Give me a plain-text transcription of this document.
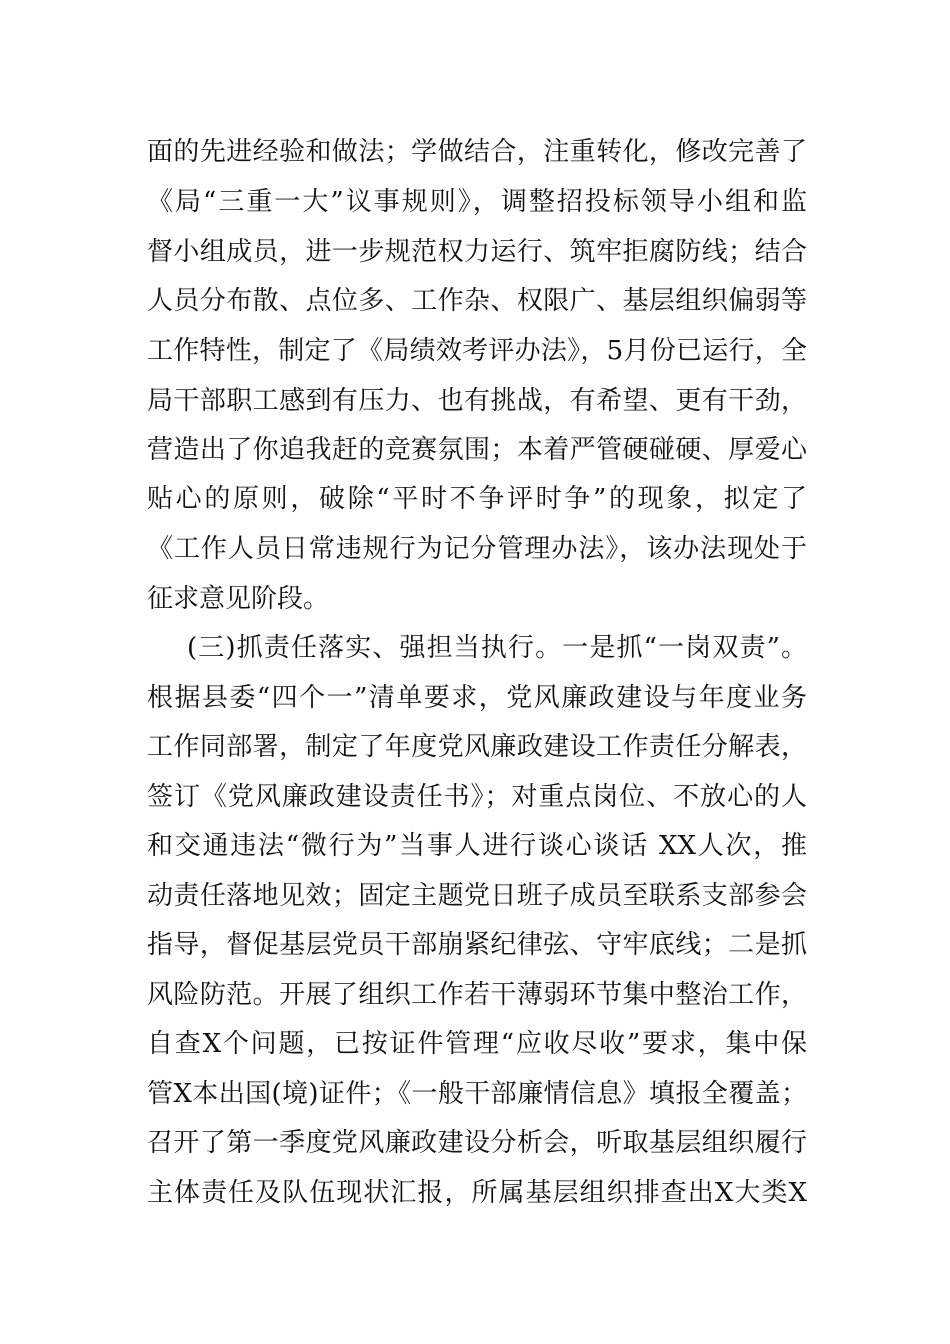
面的先进经验和做法；学做结合，注重转化，修改完善了
《局“三重一大”议事规则》，调整招投标领导小组和监
督小组成员，进一步规范权力运行、筑牢拒腐防线；结合
人员分布散、点位多、工作杂、权限广、基层组织偏弱等
工作特性，制定了《局绩效考评办法》，5月份已运行，全
局干部职工感到有压力、也有挑战，有希望、更有干劲，
营造出了你追我赶的竞赛氛围；本着严管硬碰硬、厚爱心
贴心的原则，破除“平时不争评时争”的现象，拟定了
《工作人员日常违规行为记分管理办法》，该办法现处于
征求意见阶段。
(三)抓责任落实、强担当执行。一是抓“一岗双责”。
根据县委“四个一”清单要求，党风廉政建设与年度业务
工作同部署，制定了年度党风廉政建设工作责任分解表，
签订《党风廉政建设责任书》；对重点岗位、不放心的人
和交通违法“微行为”当事人进行谈心谈话 XX人次，推
动责任落地见效；固定主题党日班子成员至联系支部参会
指导，督促基层党员干部崩紧纪律弦、守牢底线；二是抓
风险防范。开展了组织工作若干薄弱环节集中整治工作，
自查X个问题，已按证件管理“应收尽收”要求，集中保
管X本出国(境)证件；《一般干部廉情信息》填报全覆盖；
召开了第一季度党风廉政建设分析会，听取基层组织履行
主体责任及队伍现状汇报，所属基层组织排查出X大类X
